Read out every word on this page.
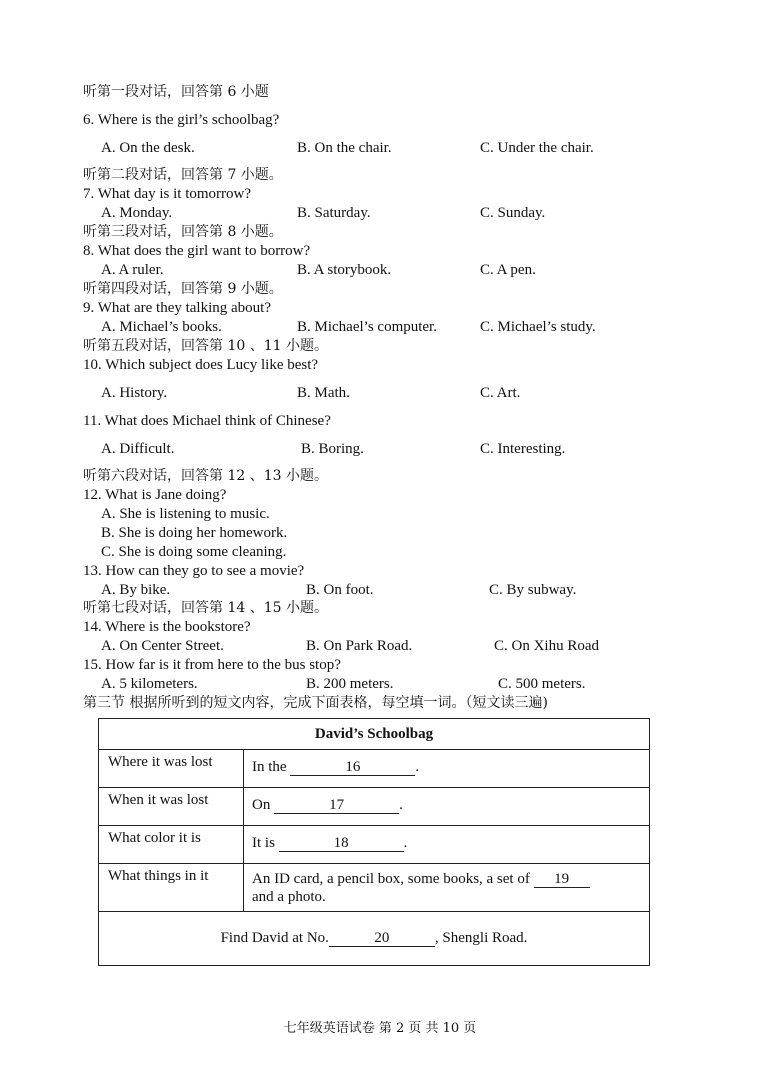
听第一段对话，回答第 6 小题
6. Where is the girl’s schoolbag?
A. On the desk.	B. On the chair.	C. Under the chair.
听第二段对话，回答第 7 小题。
7. What day is it tomorrow?
A. Monday.	B. Saturday.	C. Sunday.
听第三段对话，回答第 8 小题。
8. What does the girl want to borrow?
A. A ruler.	B. A storybook.	C. A pen.
听第四段对话，回答第 9 小题。
9. What are they talking about?
A. Michael’s books.	B. Michael’s computer.	C. Michael’s study.
听第五段对话，回答第 10 、11 小题。
10. Which subject does Lucy like best?
A. History.	B. Math.	C. Art.
11. What does Michael think of Chinese?
A. Difficult.	B. Boring.	C. Interesting.
听第六段对话，回答第 12 、13 小题。
12. What is Jane doing?
A. She is listening to music.
B. She is doing her homework.
C. She is doing some cleaning.
13. How can they go to see a movie?
A. By bike.	B. On foot.	C. By subway.
听第七段对话，回答第 14 、15 小题。
14. Where is the bookstore?
A. On Center Street.	B. On Park Road.	C. On Xihu Road
15. How far is it from here to the bus stop?
A. 5 kilometers.	B. 200 meters.	C. 500 meters.
第三节 根据所听到的短文内容，完成下面表格，每空填一词。（短文读三遍)
David’s Schoolbag	
Where it was lost	In the 16 .
When it was lost	On 17 .
What color it is	It is 18 .
What things in it	An ID card, a pencil box, some books, a set of 19
and a photo.
Find David at No. 20 , Shengli Road.	
七年级英语试卷 第 2 页 共 10 页
